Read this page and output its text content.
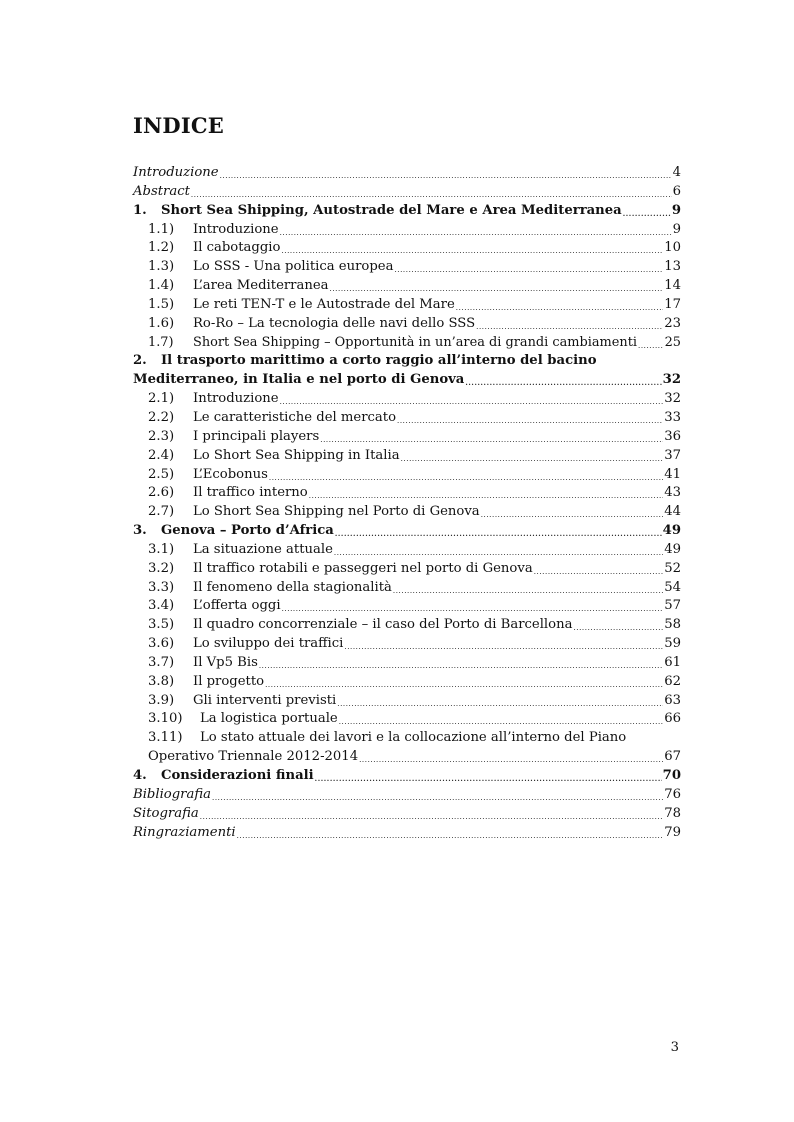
INDICE
Introduzione .....	4
Abstract .....	6
1.	Short Sea Shipping, Autostrade del Mare e Area Mediterranea .....	9
1.1)	Introduzione .....	9
1.2)	Il cabotaggio .....	10
1.3)	Lo SSS - Una politica europea .....	13
1.4)	L’area Mediterranea .....	14
1.5)	Le reti TEN-T e le Autostrade del Mare .....	17
1.6)	Ro-Ro – La tecnologia delle navi dello SSS .....	23
1.7)	Short Sea Shipping – Opportunità in un’area di grandi cambiamenti ..... 25
2. Il trasporto marittimo a corto raggio all’interno del bacino
Mediterraneo, in Italia e nel porto di Genova .....	32
2.1)	Introduzione .....	32
2.2)	Le caratteristiche del mercato .....	33
2.3)	I principali players .....	36
2.4)	Lo Short Sea Shipping in Italia .....	37
2.5)	L’Ecobonus .....	41
2.6)	Il traffico interno .....	43
2.7)	Lo Short Sea Shipping nel Porto di Genova .....	44
3.	Genova – Porto d’Africa .....	49
3.1)	La situazione attuale .....	49
3.2)	Il traffico rotabili e passeggeri nel porto di Genova .....	52
3.3)	Il fenomeno della stagionalità .....	54
3.4)	L’offerta oggi .....	57
3.5)	Il quadro concorrenziale – il caso del Porto di Barcellona .....	58
3.6)	Lo sviluppo dei traffici .....	59
3.7)	Il Vp5 Bis .....	61
3.8)	Il progetto .....	62
3.9)	Gli interventi previsti .....	63
3.10)	La logistica portuale .....	66
3.11) Lo stato attuale dei lavori e la collocazione all’interno del Piano
Operativo Triennale 2012-2014 .....	67
4.	Considerazioni finali .....	70
Bibliografia .....	76
Sitografia .....	78
Ringraziamenti .....	79
3
